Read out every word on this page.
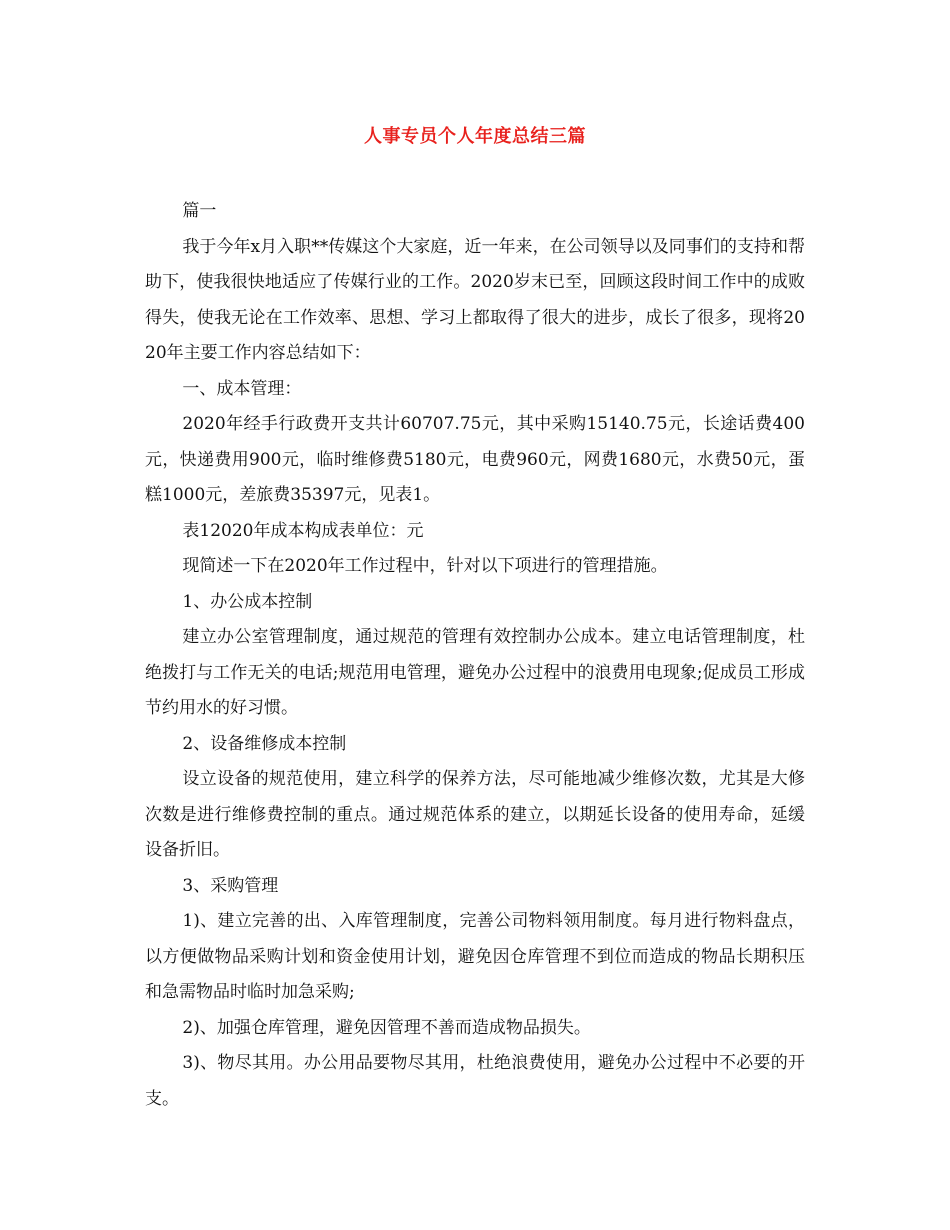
人事专员个人年度总结三篇

篇一

我于今年x月入职**传媒这个大家庭，近一年来，在公司领导以及同事们的支持和帮助下，使我很快地适应了传媒行业的工作。2020岁末已至，回顾这段时间工作中的成败得失，使我无论在工作效率、思想、学习上都取得了很大的进步，成长了很多，现将2020年主要工作内容总结如下：

一、成本管理：

2020年经手行政费开支共计60707.75元，其中采购15140.75元，长途话费400元，快递费用900元，临时维修费5180元，电费960元，网费1680元，水费50元，蛋糕1000元，差旅费35397元，见表1。

表12020年成本构成表单位：元

现简述一下在2020年工作过程中，针对以下项进行的管理措施。

1、办公成本控制

建立办公室管理制度，通过规范的管理有效控制办公成本。建立电话管理制度，杜绝拨打与工作无关的电话;规范用电管理，避免办公过程中的浪费用电现象;促成员工形成节约用水的好习惯。

2、设备维修成本控制

设立设备的规范使用，建立科学的保养方法，尽可能地减少维修次数，尤其是大修次数是进行维修费控制的重点。通过规范体系的建立，以期延长设备的使用寿命，延缓设备折旧。

3、采购管理

1)、建立完善的出、入库管理制度，完善公司物料领用制度。每月进行物料盘点，以方便做物品采购计划和资金使用计划，避免因仓库管理不到位而造成的物品长期积压和急需物品时临时加急采购;

2)、加强仓库管理，避免因管理不善而造成物品损失。

3)、物尽其用。办公用品要物尽其用，杜绝浪费使用，避免办公过程中不必要的开支。
